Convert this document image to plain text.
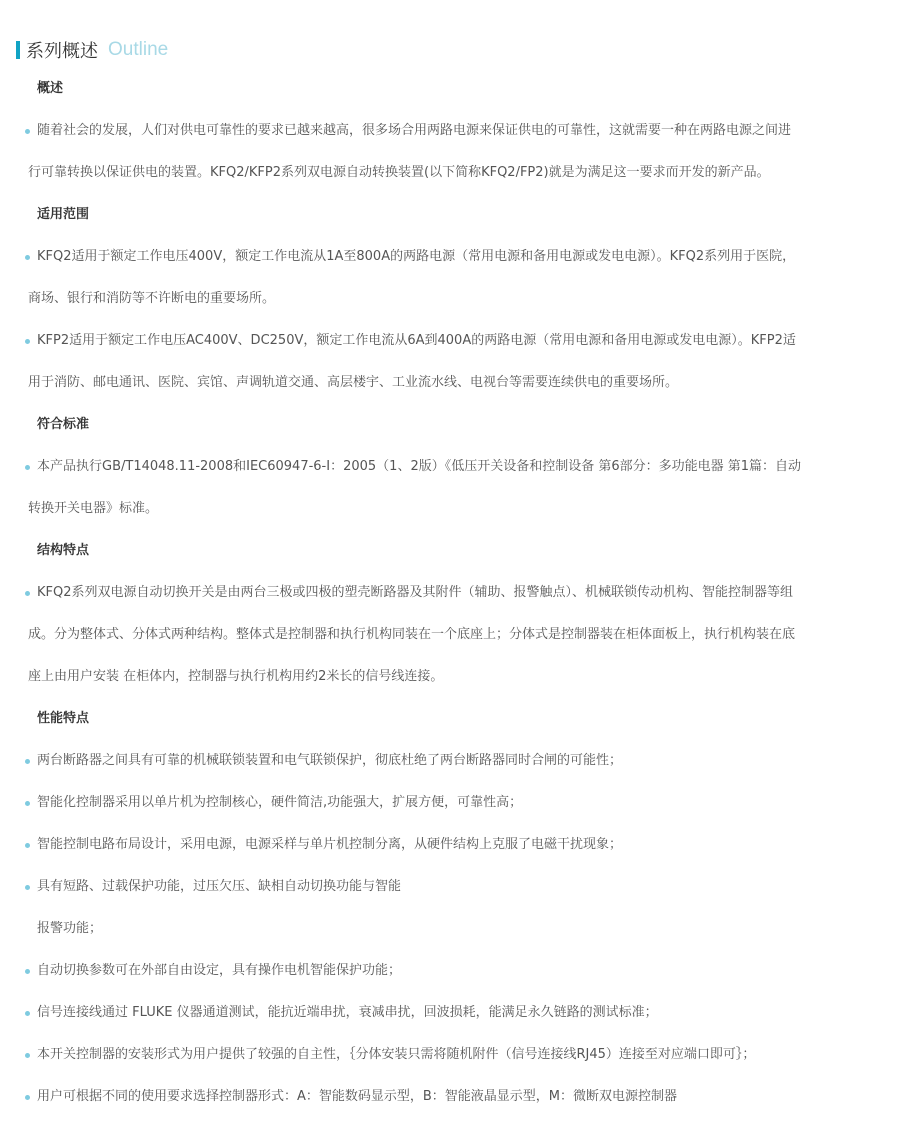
系列概述 Outline
概述
随着社会的发展，人们对供电可靠性的要求已越来越高，很多场合用两路电源来保证供电的可靠性，这就需要一种在两路电源之间进
行可靠转换以保证供电的装置。KFQ2/KFP2系列双电源自动转换装置(以下简称KFQ2/FP2)就是为满足这一要求而开发的新产品。
适用范围
KFQ2适用于额定工作电压400V，额定工作电流从1A至800A的两路电源（常用电源和备用电源或发电电源）。KFQ2系列用于医院，
商场、银行和消防等不许断电的重要场所。
KFP2适用于额定工作电压AC400V、DC250V，额定工作电流从6A到400A的两路电源（常用电源和备用电源或发电电源）。KFP2适
用于消防、邮电通讯、医院、宾馆、声调轨道交通、高层楼宇、工业流水线、电视台等需要连续供电的重要场所。
符合标准
本产品执行GB/T14048.11-2008和IEC60947-6-I：2005（1、2版）《低压开关设备和控制设备 第6部分：多功能电器 第1篇：自动
转换开关电器》标准。
结构特点
KFQ2系列双电源自动切换开关是由两台三极或四极的塑壳断路器及其附件（辅助、报警触点）、机械联锁传动机构、智能控制器等组
成。分为整体式、分体式两种结构。整体式是控制器和执行机构同装在一个底座上；分体式是控制器装在柜体面板上，执行机构装在底
座上由用户安装 在柜体内，控制器与执行机构用约2米长的信号线连接。
性能特点
两台断路器之间具有可靠的机械联锁装置和电气联锁保护，彻底杜绝了两台断路器同时合闸的可能性；
智能化控制器采用以单片机为控制核心，硬件简洁,功能强大，扩展方便，可靠性高；
智能控制电路布局设计，采用电源，电源采样与单片机控制分离，从硬件结构上克服了电磁干扰现象；
具有短路、过载保护功能，过压欠压、缺相自动切换功能与智能
报警功能；
自动切换参数可在外部自由设定，具有操作电机智能保护功能；
信号连接线通过 FLUKE 仪器通道测试，能抗近端串扰，衰减串扰，回波损耗，能满足永久链路的测试标准；
本开关控制器的安装形式为用户提供了较强的自主性，｛分体安装只需将随机附件（信号连接线RJ45）连接至对应端口即可｝；
用户可根据不同的使用要求选择控制器形式：A：智能数码显示型，B：智能液晶显示型，M：微断双电源控制器
